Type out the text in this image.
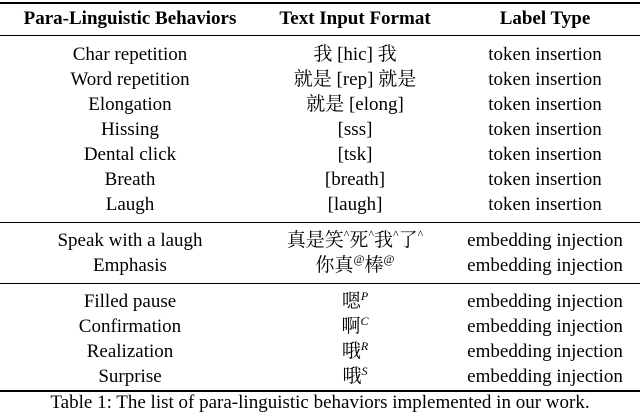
Para-Linguistic Behaviors	Text Input Format	Label Type
Char repetition	我 [hic] 我	token insertion
Word repetition	就是 [rep] 就是	token insertion
Elongation	就是 [elong]	token insertion
Hissing	[sss]	token insertion
Dental click	[tsk]	token insertion
Breath	[breath]	token insertion
Laugh	[laugh]	token insertion
Speak with a laugh	真是笑^死^我^了^	embedding injection
Emphasis	你真@棒@	embedding injection
Filled pause	嗯$^P$	embedding injection
Confirmation	啊$^C$	embedding injection
Realization	哦$^R$	embedding injection
Surprise	哦$^S$	embedding injection
Table 1: The list of para-linguistic behaviors implemented in our work.
